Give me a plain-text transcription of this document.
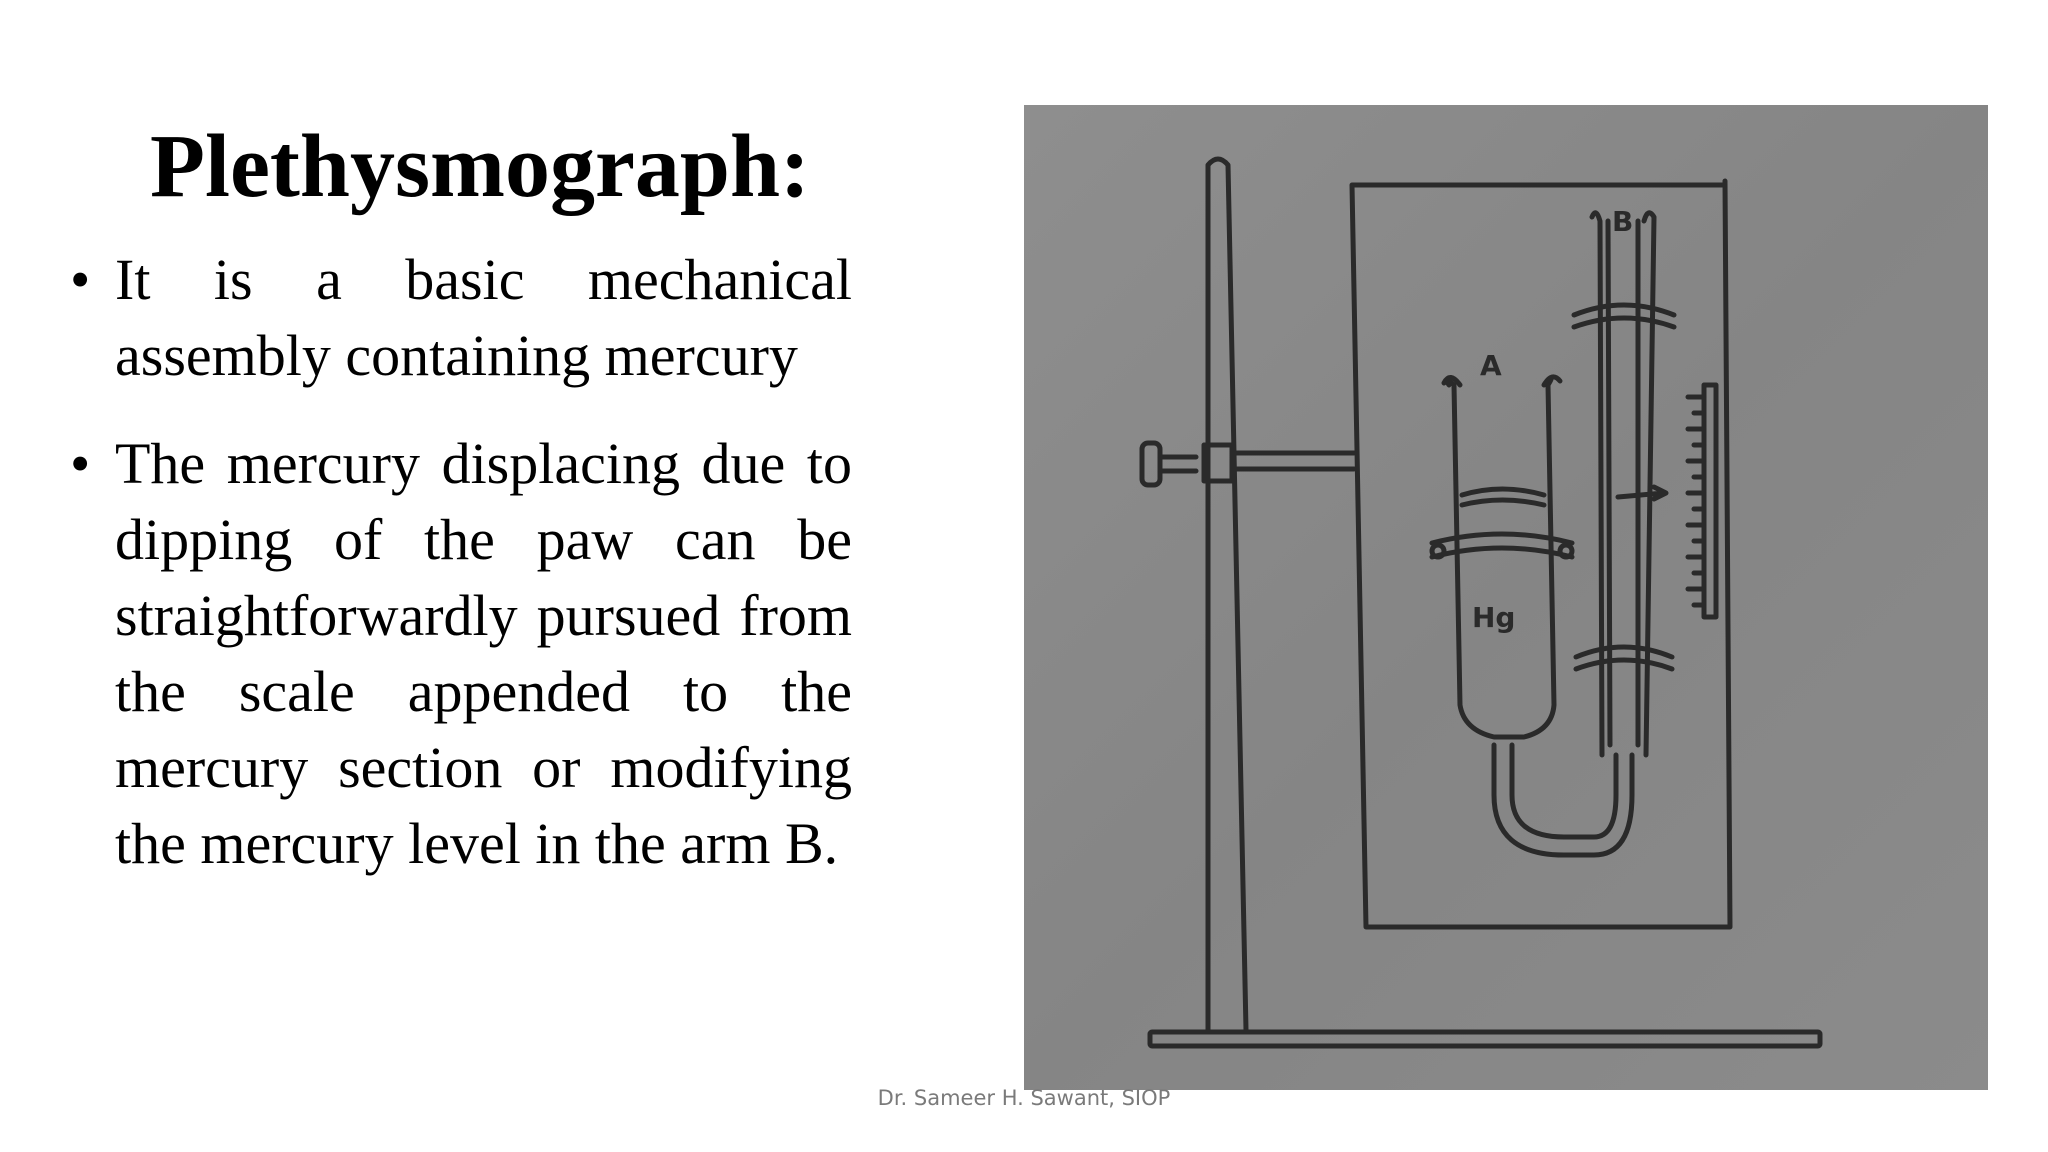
Plethysmograph:
• It is a basic mechanical assembly containing mercury
• The mercury displacing due to dipping of the paw can be straightforwardly pursued from the scale appended to the mercury section or modifying the mercury level in the arm B.
B
A
Hg
Dr. Sameer H. Sawant, SIOP
